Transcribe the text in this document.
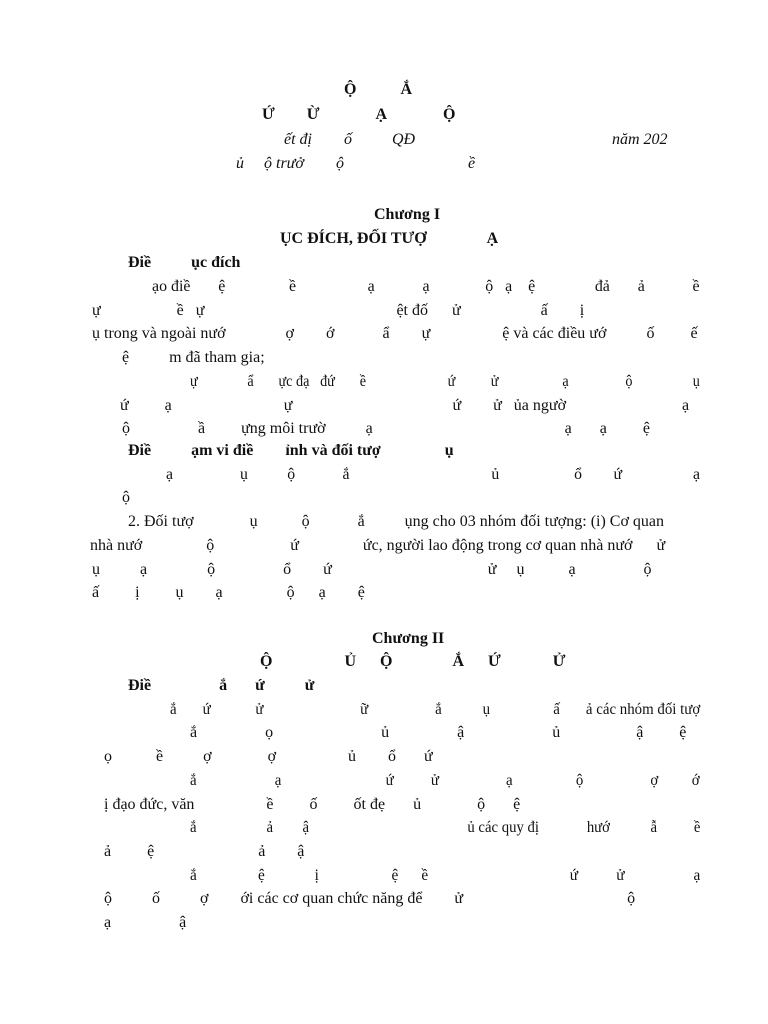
Ộ           Ắ
Ứ        Ừ              Ạ              Ộ
ết đị        ố          QĐ	năm 202
ủ     ộ trưở        ộ                               ề
Chương I
ỤC ĐÍCH, ĐỐI TƯỢ               Ạ
Điề          ục đích
ạo điề       ệ                ề                  ạ            ạ              ộ   ạ    ệ               đả       ả            ề
ự                   ề   ự                                                ệt đố      ử                    ấ        ị
ụ trong và ngoài nướ               ợ        ớ            ẩ        ự                  ệ và các điều ướ          ố         ế
ệ          m đã tham gia;
ự              ẩ       ực đạ   đứ       ề                       ứ          ử                  ạ                ộ                 ụ
ứ         ạ                            ự                                        ứ        ử   ủa ngườ                             ạ
ộ                 ầ         ựng môi trườ          ạ                                                ạ       ạ         ệ
Điề          ạm vi điề        ỉnh và đối tượ                ụ
ạ                 ụ          ộ            ắ                                    ủ                   ổ        ứ                  ạ
ộ
2. Đối tượ              ụ           ộ            ắ          ụng cho 03 nhóm đối tượng: (i) Cơ quan
nhà nướ                ộ                   ứ                ức, người lao động trong cơ quan nhà nướ      ử
ụ          ạ               ộ                 ổ        ứ                                       ử     ụ           ạ                 ộ
ấ         ị         ụ        ạ                ộ      ạ        ệ
Chương II
Ộ                  Ủ      Ộ               Ắ      Ứ             Ử
Điề                 ắ       ứ          ử
ắ       ứ            ử                          ữ                  ắ           ụ                 ấ       ả các nhóm đối tượ
ắ                 ọ                           ủ                 ậ                      ủ                   ậ         ệ
ọ           ề          ợ              ợ                  ủ        ổ       ứ
ắ                     ạ                            ứ          ử                  ạ                 ộ                  ợ         ớ
ị đạo đức, văn                  ề         ố         ốt đẹ       ủ              ộ       ệ
ắ                   ả        ậ                                           ủ các quy đị             hướ           ẫ          ề
ả         ệ                          ả        ậ
ắ                ệ             ị                   ệ      ề                                     ứ          ử                  ạ
ộ          ố          ợ        ới các cơ quan chức năng để        ử                                         ộ
ạ                 ậ
